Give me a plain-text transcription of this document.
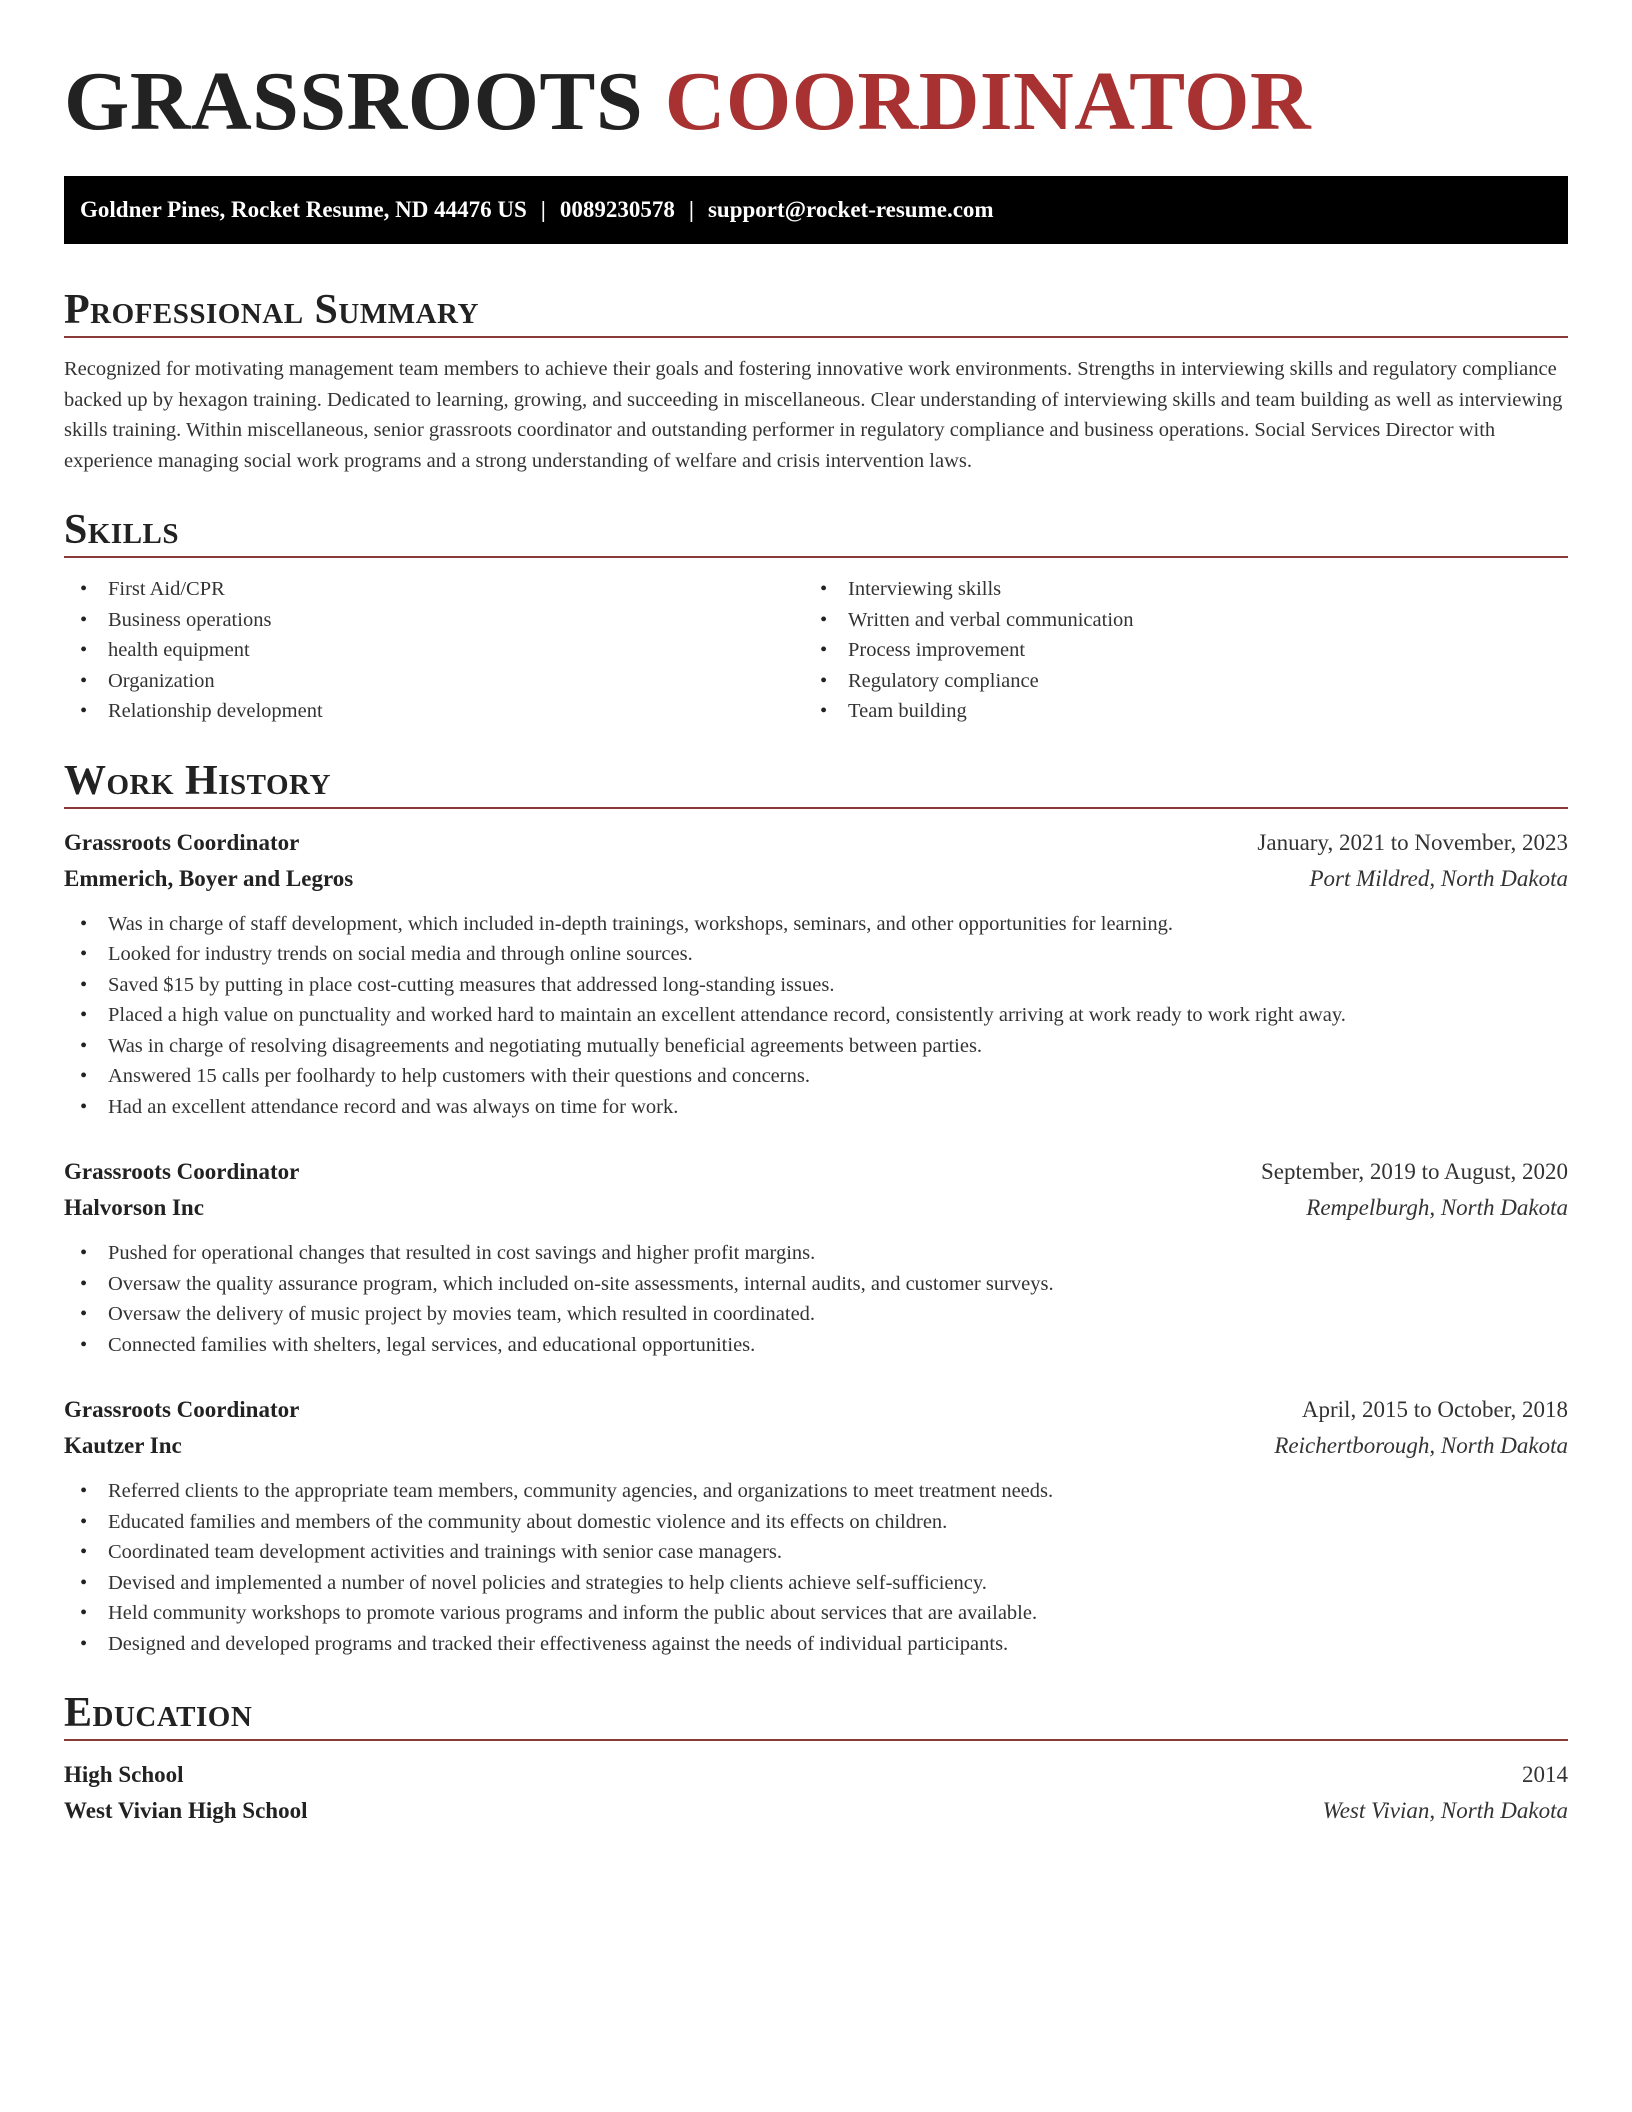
GRASSROOTS COORDINATOR
Goldner Pines, Rocket Resume, ND 44476 US | 0089230578 | support@rocket-resume.com
Professional Summary

Recognized for motivating management team members to achieve their goals and fostering innovative work environments. Strengths in interviewing skills and regulatory compliance backed up by hexagon training. Dedicated to learning, growing, and succeeding in miscellaneous. Clear understanding of interviewing skills and team building as well as interviewing skills training. Within miscellaneous, senior grassroots coordinator and outstanding performer in regulatory compliance and business operations. Social Services Director with experience managing social work programs and a strong understanding of welfare and crisis intervention laws.

Skills
• First Aid/CPR
• Business operations
• health equipment
• Organization
• Relationship development
• Interviewing skills
• Written and verbal communication
• Process improvement
• Regulatory compliance
• Team building
Work History
Grassroots Coordinator	January, 2021 to November, 2023
Emmerich, Boyer and Legros	Port Mildred, North Dakota
• Was in charge of staff development, which included in-depth trainings, workshops, seminars, and other opportunities for learning.
• Looked for industry trends on social media and through online sources.
• Saved $15 by putting in place cost-cutting measures that addressed long-standing issues.
• Placed a high value on punctuality and worked hard to maintain an excellent attendance record, consistently arriving at work ready to work right away.
• Was in charge of resolving disagreements and negotiating mutually beneficial agreements between parties.
• Answered 15 calls per foolhardy to help customers with their questions and concerns.
• Had an excellent attendance record and was always on time for work.
Grassroots Coordinator	September, 2019 to August, 2020
Halvorson Inc	Rempelburgh, North Dakota
• Pushed for operational changes that resulted in cost savings and higher profit margins.
• Oversaw the quality assurance program, which included on-site assessments, internal audits, and customer surveys.
• Oversaw the delivery of music project by movies team, which resulted in coordinated.
• Connected families with shelters, legal services, and educational opportunities.
Grassroots Coordinator	April, 2015 to October, 2018
Kautzer Inc	Reichertborough, North Dakota
• Referred clients to the appropriate team members, community agencies, and organizations to meet treatment needs.
• Educated families and members of the community about domestic violence and its effects on children.
• Coordinated team development activities and trainings with senior case managers.
• Devised and implemented a number of novel policies and strategies to help clients achieve self-sufficiency.
• Held community workshops to promote various programs and inform the public about services that are available.
• Designed and developed programs and tracked their effectiveness against the needs of individual participants.
Education
High School	2014
West Vivian High School	West Vivian, North Dakota
